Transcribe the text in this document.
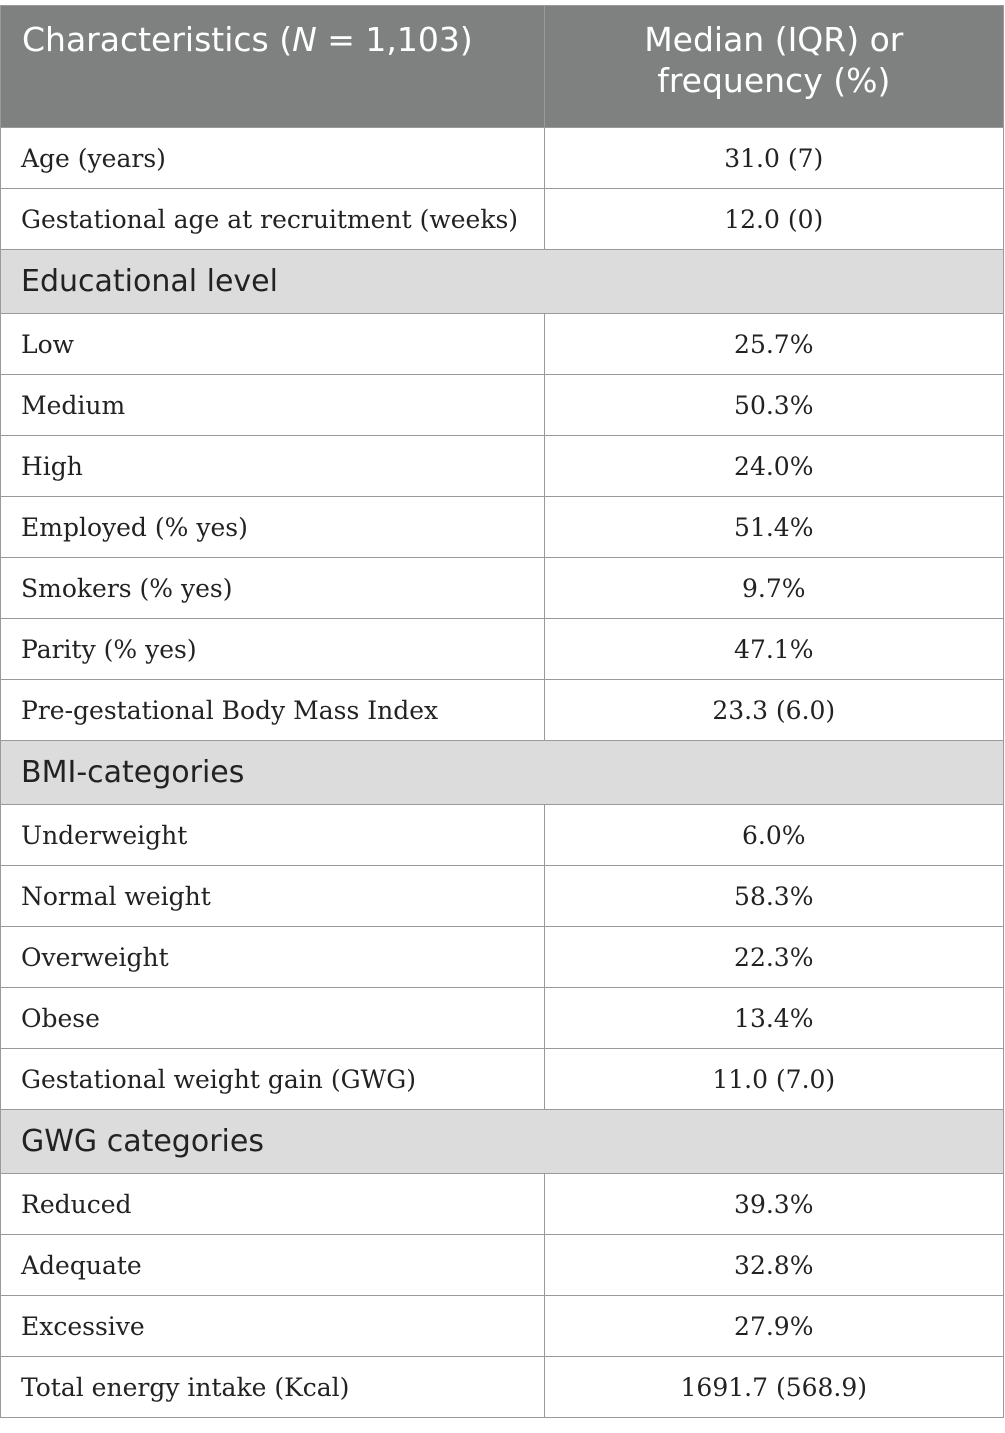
Characteristics (N = 1,103)	Median (IQR) or
frequency (%)
Age (years)	31.0 (7)
Gestational age at recruitment (weeks)	12.0 (0)
Educational level	
Low	25.7%
Medium	50.3%
High	24.0%
Employed (% yes)	51.4%
Smokers (% yes)	9.7%
Parity (% yes)	47.1%
Pre-gestational Body Mass Index	23.3 (6.0)
BMI-categories	
Underweight	6.0%
Normal weight	58.3%
Overweight	22.3%
Obese	13.4%
Gestational weight gain (GWG)	11.0 (7.0)
GWG categories	
Reduced	39.3%
Adequate	32.8%
Excessive	27.9%
Total energy intake (Kcal)	1691.7 (568.9)
